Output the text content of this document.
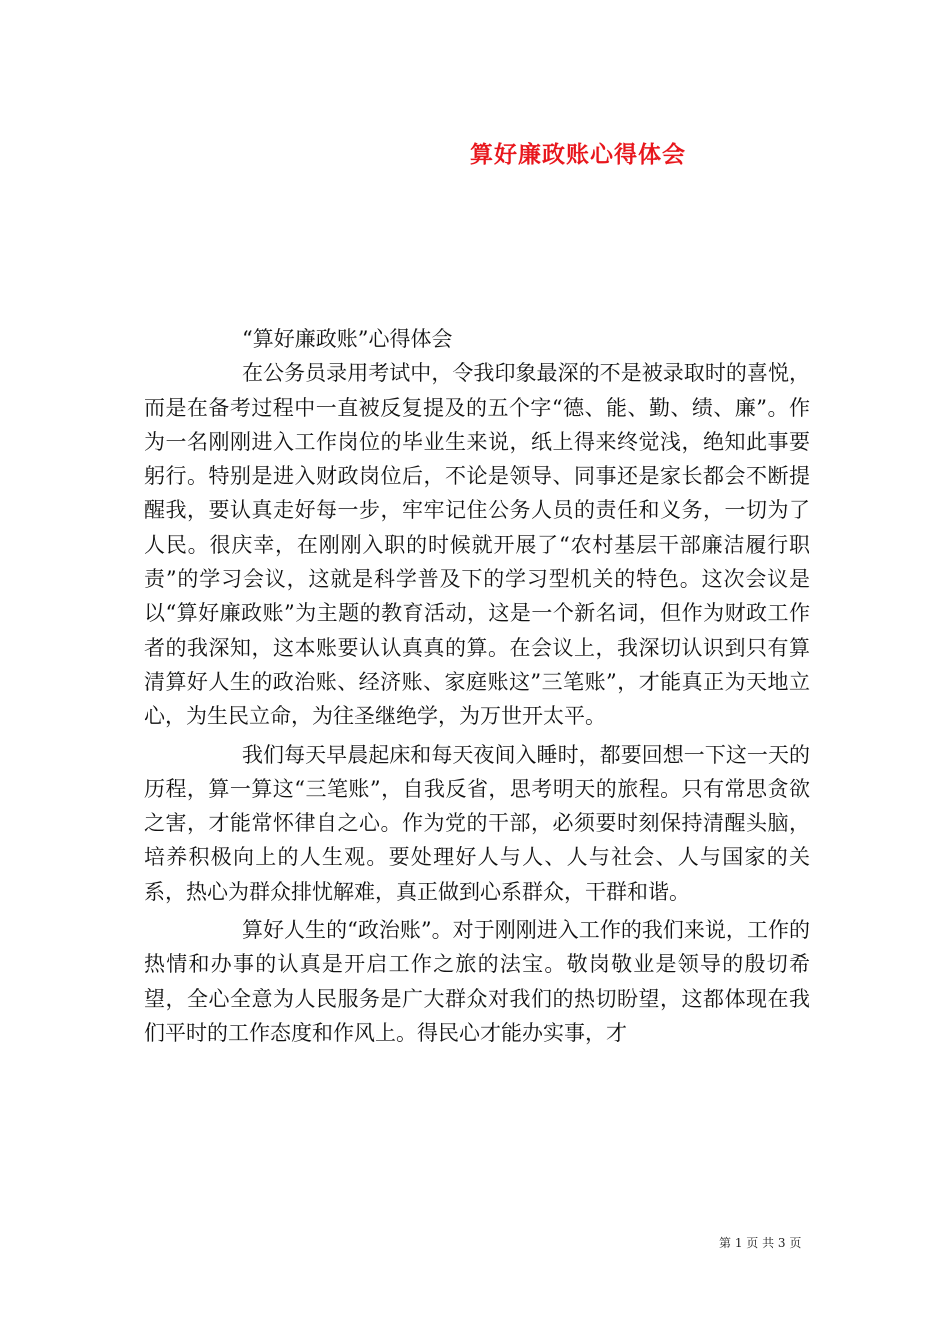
算好廉政账心得体会

“算好廉政账”心得体会

在公务员录用考试中，令我印象最深的不是被录取时的喜悦，而是在备考过程中一直被反复提及的五个字“德、能、勤、绩、廉”。作为一名刚刚进入工作岗位的毕业生来说，纸上得来终觉浅，绝知此事要躬行。特别是进入财政岗位后，不论是领导、同事还是家长都会不断提醒我，要认真走好每一步，牢牢记住公务人员的责任和义务，一切为了人民。很庆幸，在刚刚入职的时候就开展了“农村基层干部廉洁履行职责”的学习会议，这就是科学普及下的学习型机关的特色。这次会议是以“算好廉政账”为主题的教育活动，这是一个新名词，但作为财政工作者的我深知，这本账要认认真真的算。在会议上，我深切认识到只有算清算好人生的政治账、经济账、家庭账这”三笔账”，才能真正为天地立心，为生民立命，为往圣继绝学，为万世开太平。

我们每天早晨起床和每天夜间入睡时，都要回想一下这一天的历程，算一算这“三笔账”，自我反省，思考明天的旅程。只有常思贪欲之害，才能常怀律自之心。作为党的干部，必须要时刻保持清醒头脑，培养积极向上的人生观。要处理好人与人、人与社会、人与国家的关系，热心为群众排忧解难，真正做到心系群众，干群和谐。

算好人生的“政治账”。对于刚刚进入工作的我们来说，工作的热情和办事的认真是开启工作之旅的法宝。敬岗敬业是领导的殷切希望，全心全意为人民服务是广大群众对我们的热切盼望，这都体现在我们平时的工作态度和作风上。得民心才能办实事，才

第 1 页 共 3 页
